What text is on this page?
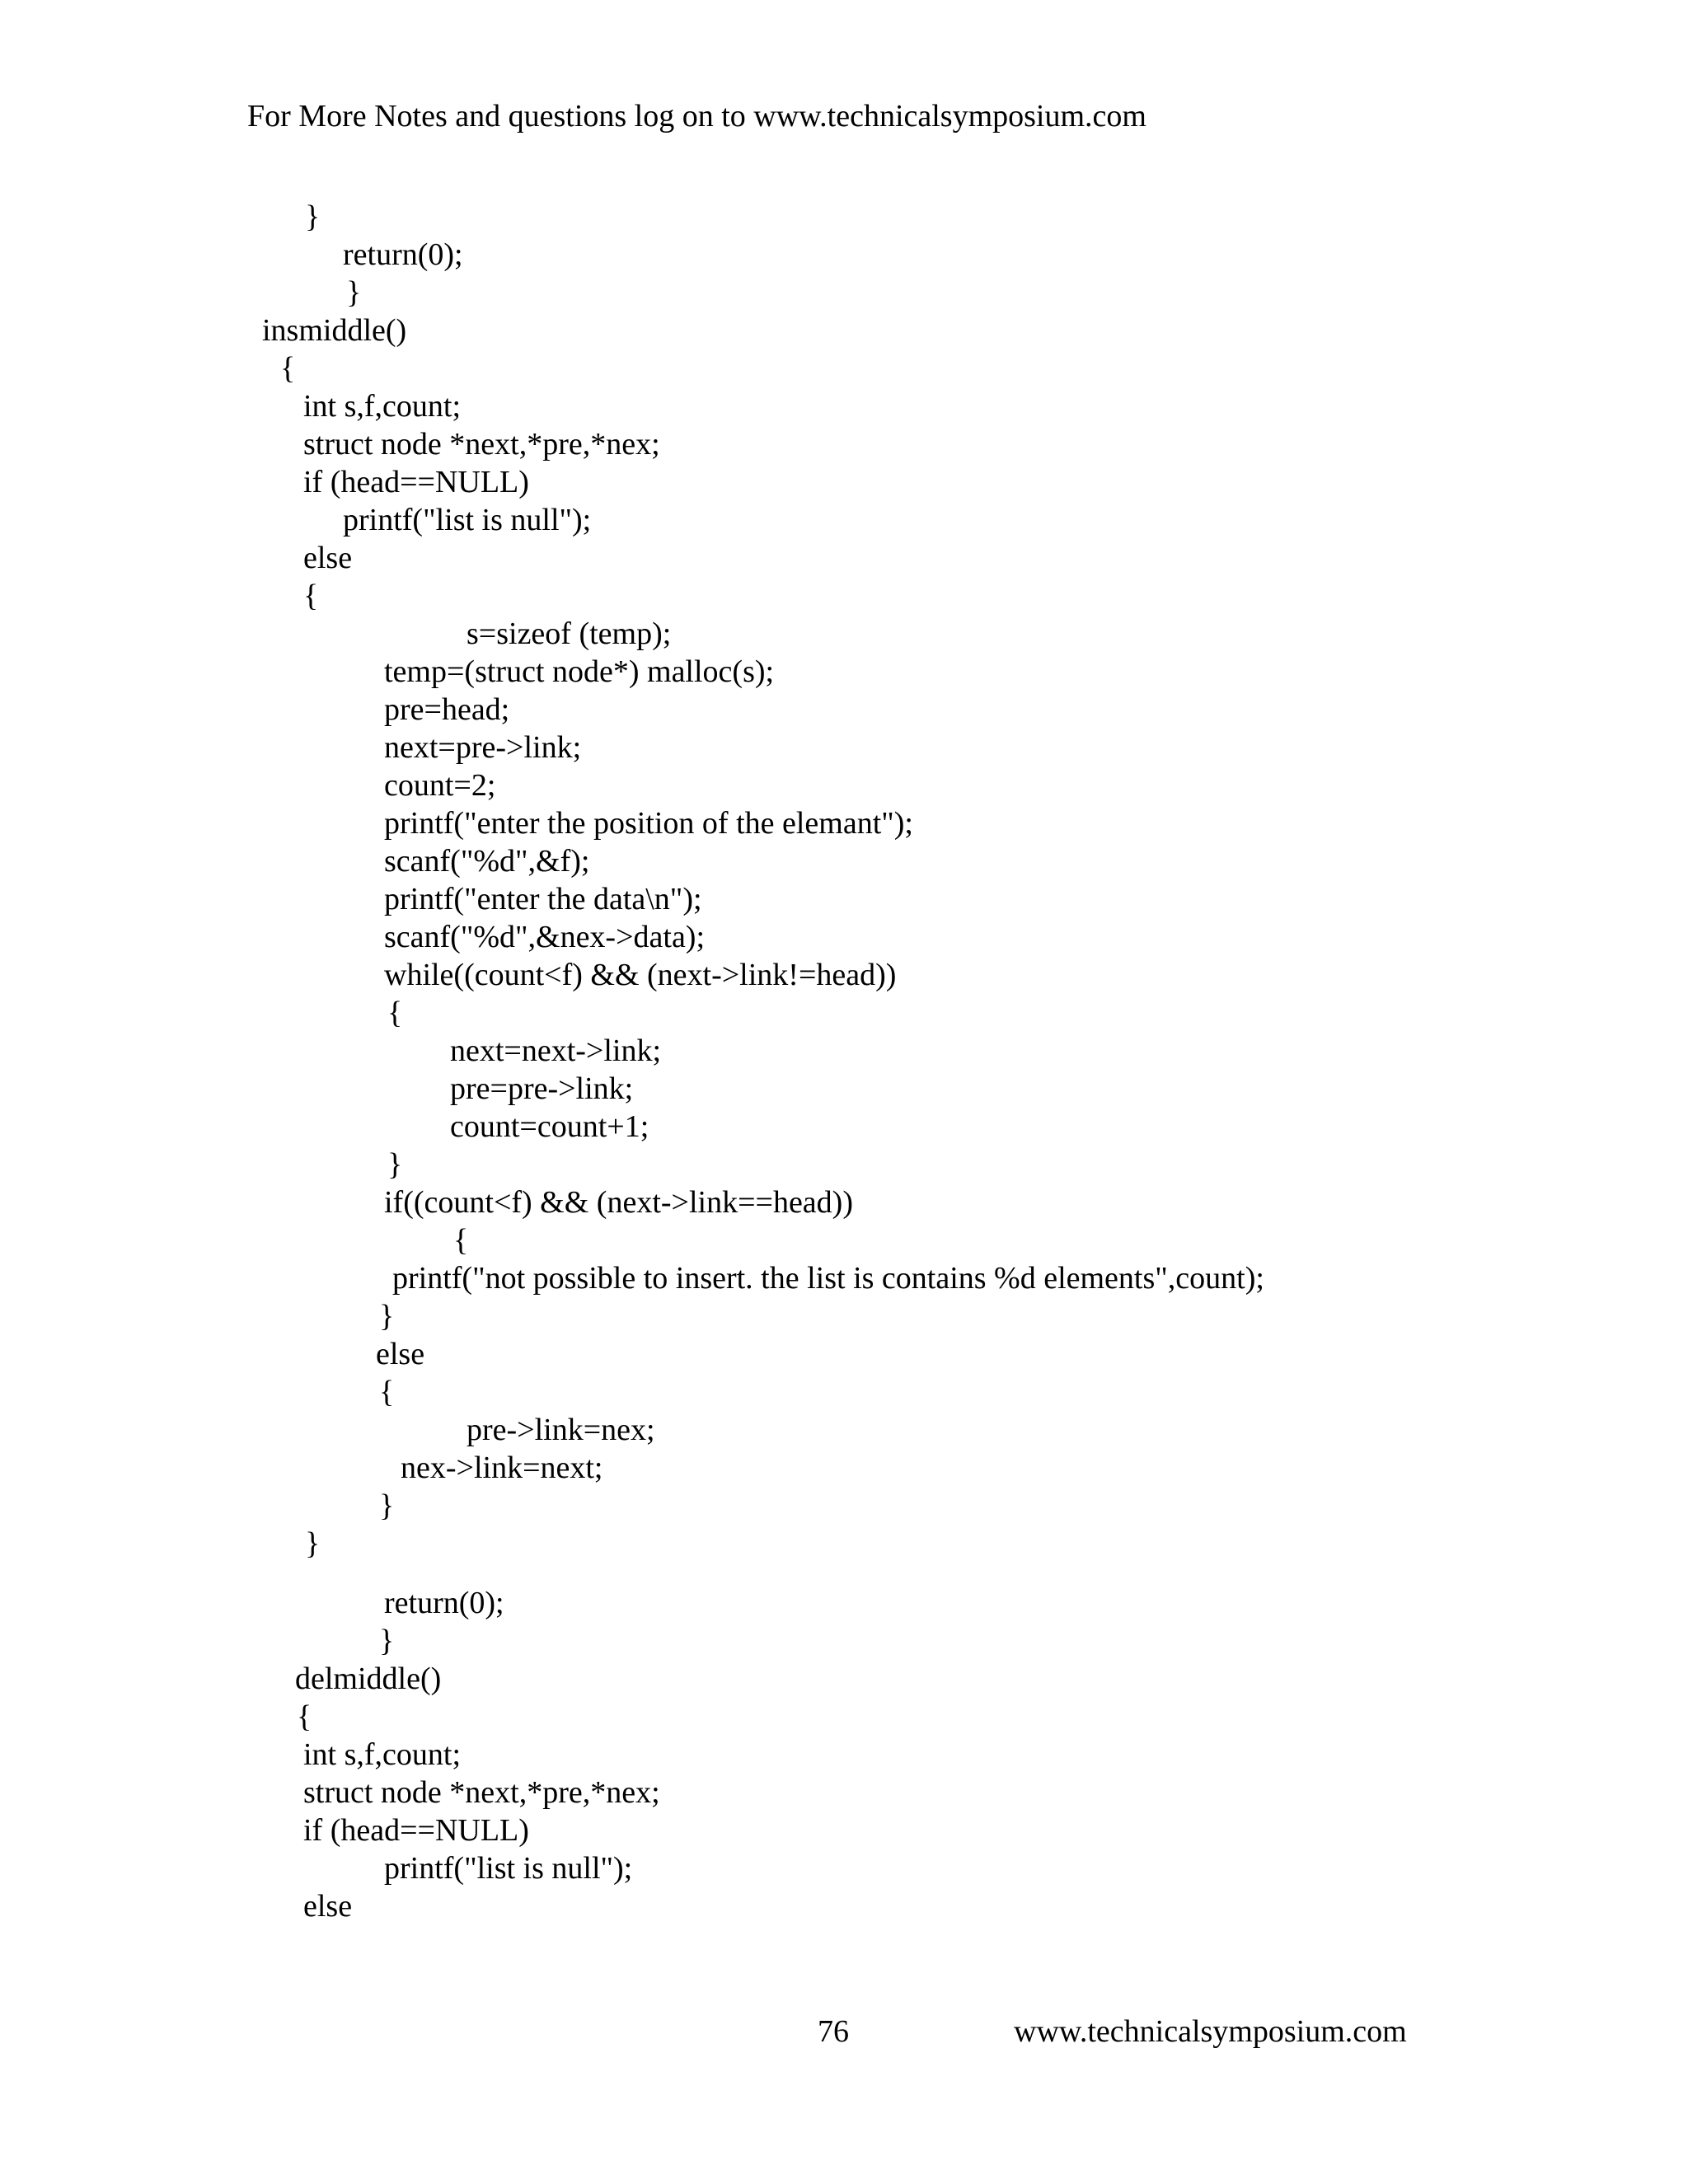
For More Notes and questions log on to www.technicalsymposium.com
}
return(0);
}
insmiddle()
{
int s,f,count;
struct node *next,*pre,*nex;
if (head==NULL)
printf("list is null");
else
{
s=sizeof (temp);
temp=(struct node*) malloc(s);
pre=head;
next=pre->link;
count=2;
printf("enter the position of the elemant");
scanf("%d",&f);
printf("enter the data\n");
scanf("%d",&nex->data);
while((count<f) && (next->link!=head))
{
next=next->link;
pre=pre->link;
count=count+1;
}
if((count<f) && (next->link==head))
{
printf("not possible to insert. the list is contains %d elements",count);
}
else
{
pre->link=nex;
nex->link=next;
}
}
return(0);
}
delmiddle()
{
int s,f,count;
struct node *next,*pre,*nex;
if (head==NULL)
printf("list is null");
else
76	www.technicalsymposium.com
